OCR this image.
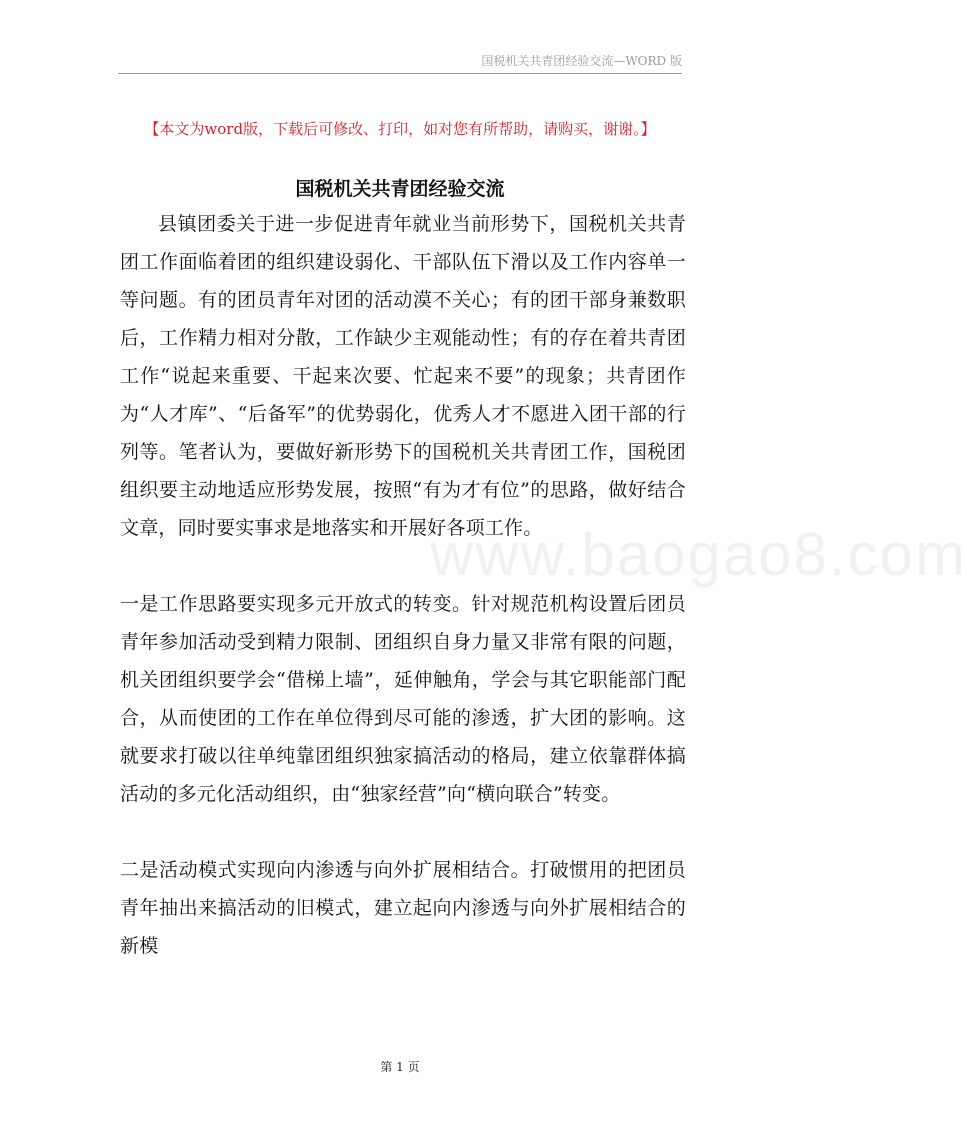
国税机关共青团经验交流—WORD 版
【本文为word版，下载后可修改、打印，如对您有所帮助，请购买，谢谢。】
国税机关共青团经验交流

县镇团委关于进一步促进青年就业当前形势下，国税机关共青团工作面临着团的组织建设弱化、干部队伍下滑以及工作内容单一等问题。有的团员青年对团的活动漠不关心；有的团干部身兼数职后，工作精力相对分散，工作缺少主观能动性；有的存在着共青团工作“说起来重要、干起来次要、忙起来不要”的现象；共青团作为“人才库”、“后备军”的优势弱化，优秀人才不愿进入团干部的行列等。笔者认为，要做好新形势下的国税机关共青团工作，国税团组织要主动地适应形势发展，按照“有为才有位”的思路，做好结合文章，同时要实事求是地落实和开展好各项工作。

一是工作思路要实现多元开放式的转变。针对规范机构设置后团员青年参加活动受到精力限制、团组织自身力量又非常有限的问题，机关团组织要学会“借梯上墙”，延伸触角，学会与其它职能部门配合，从而使团的工作在单位得到尽可能的渗透，扩大团的影响。这就要求打破以往单纯靠团组织独家搞活动的格局，建立依靠群体搞活动的多元化活动组织，由“独家经营”向“横向联合”转变。

二是活动模式实现向内渗透与向外扩展相结合。打破惯用的把团员青年抽出来搞活动的旧模式，建立起向内渗透与向外扩展相结合的新模

www.baogao8.com
第 1 页
